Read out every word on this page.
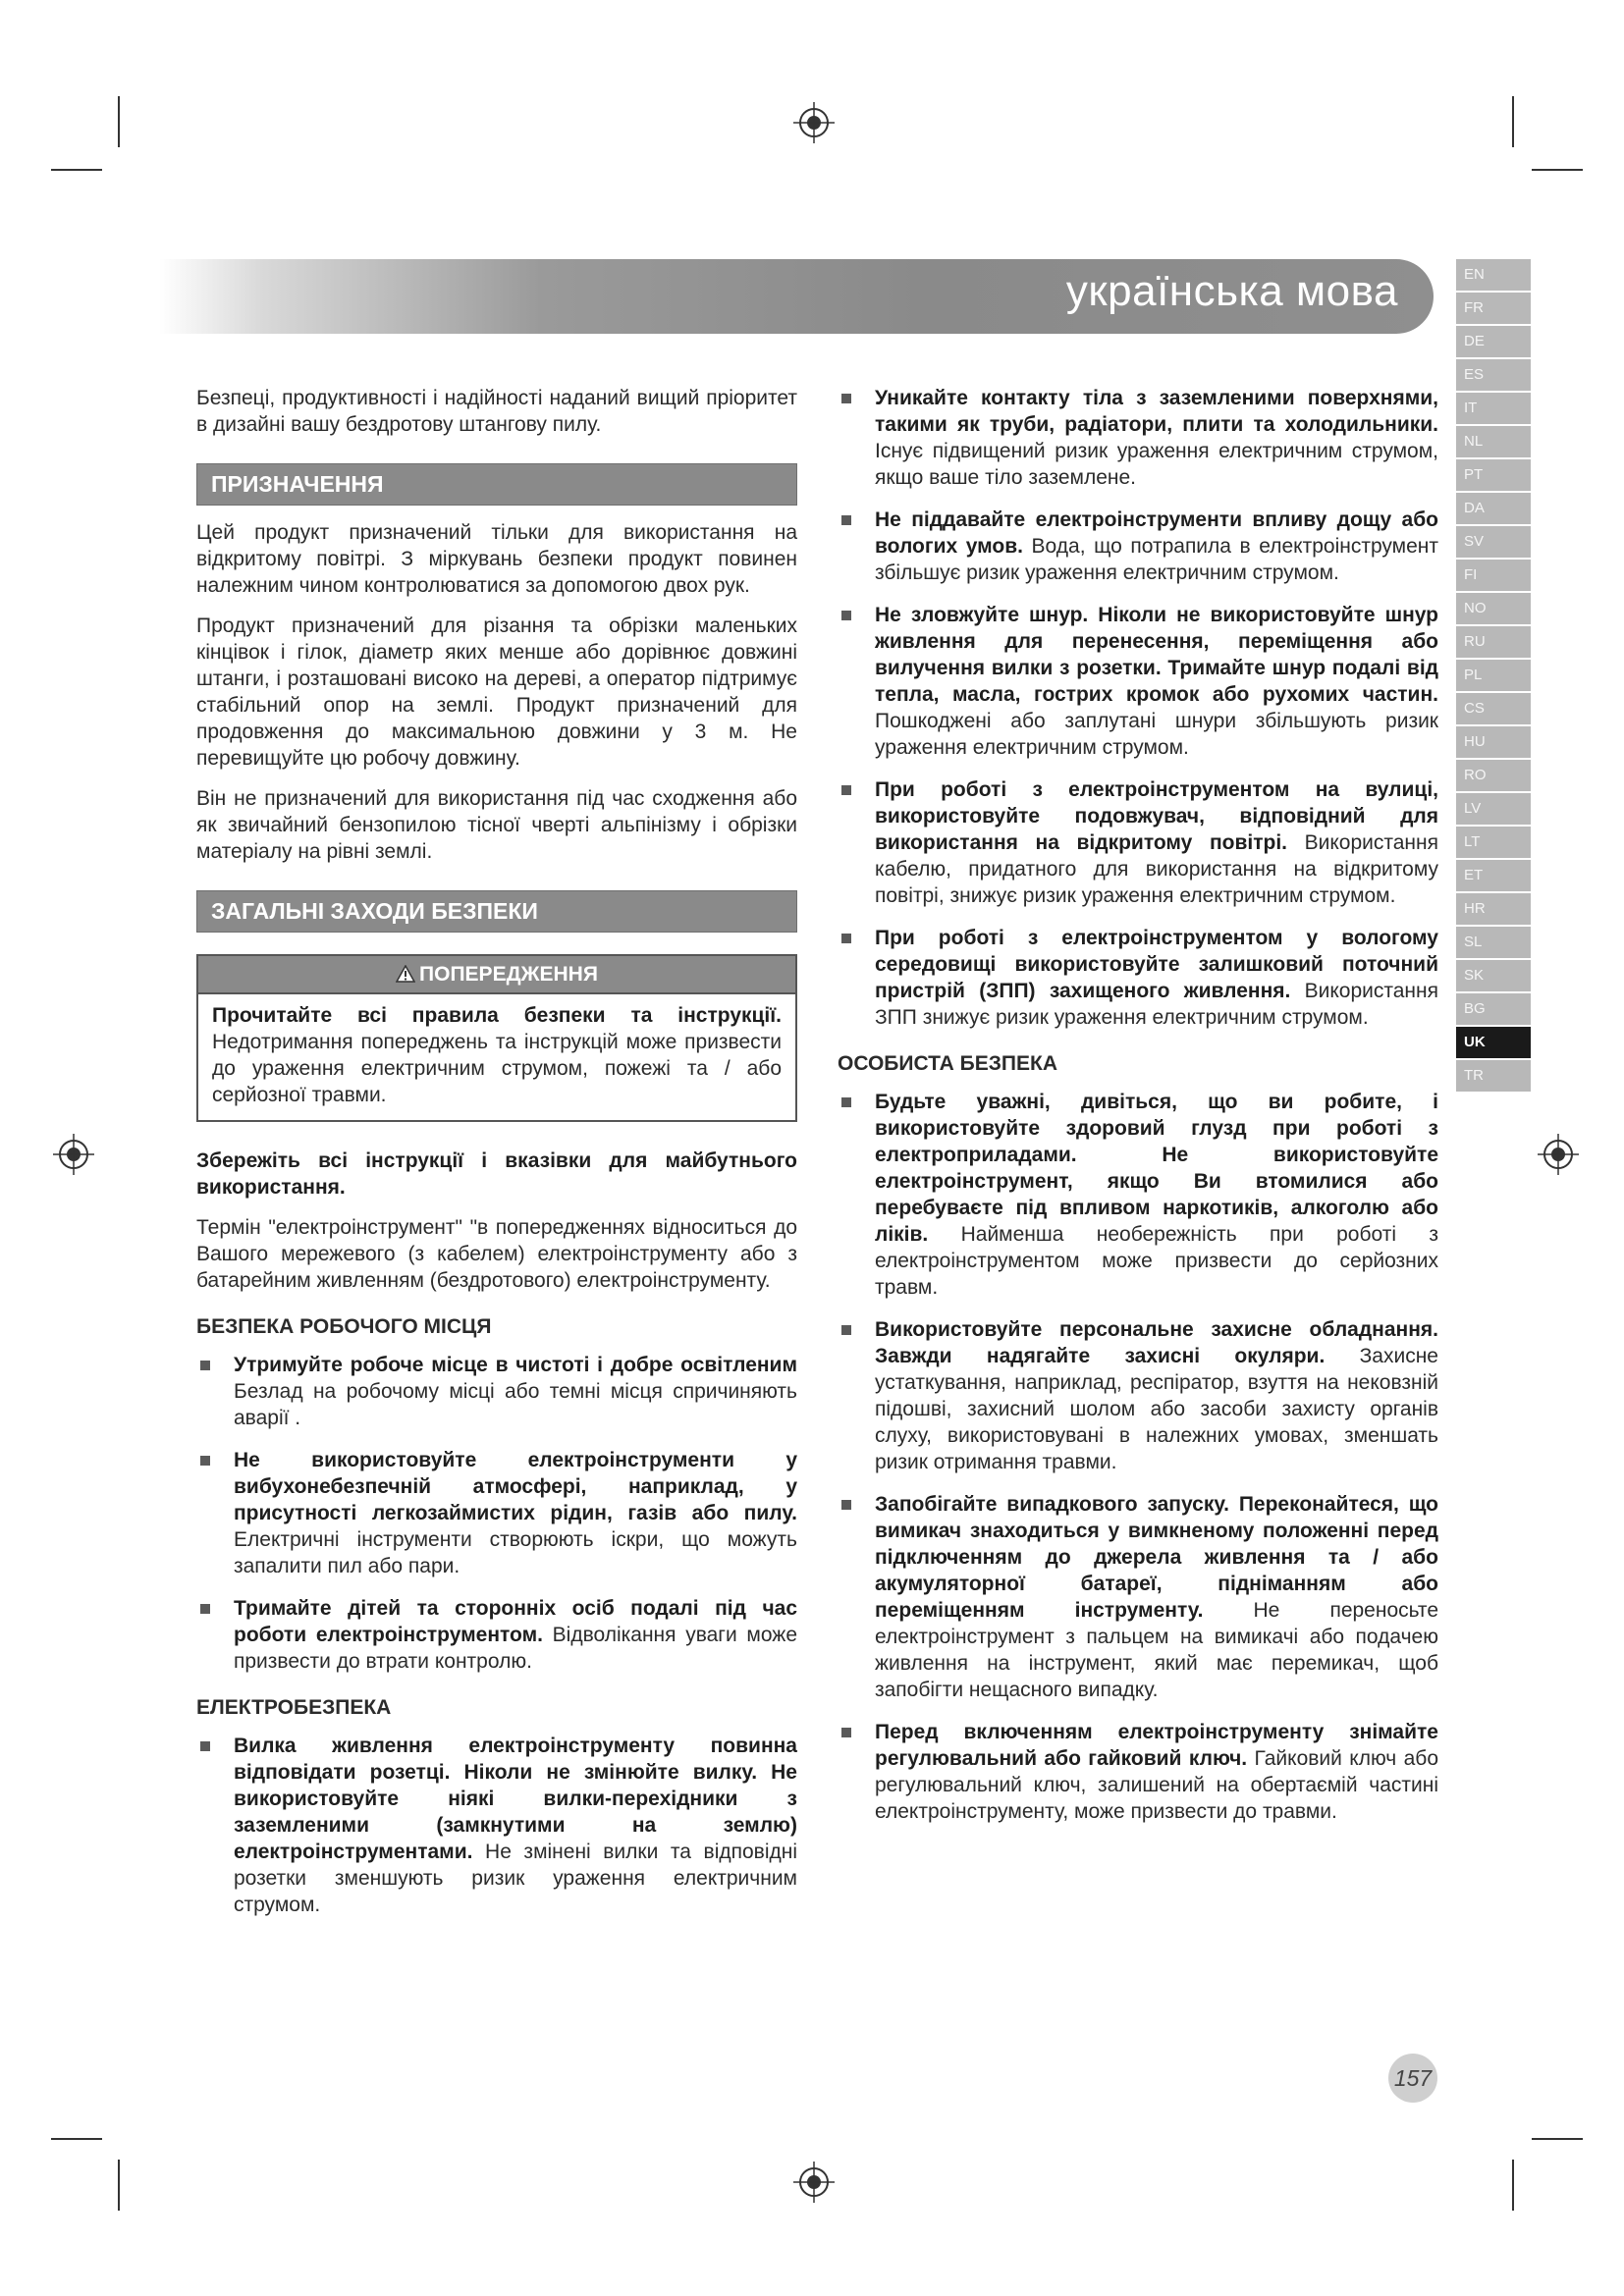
українська мова	EN
FR
DE
ES
IT
NL
PT
DA
SV
FI
NO
RU
PL
CS
HU
RO
LV
LT
ET
HR
SL
SK
BG
UK
TR

Безпеці, продуктивності і надійності наданий вищий пріоритет в дизайні вашу бездротову штангову пилу.

ПРИЗНАЧЕННЯ

Цей продукт призначений тільки для використання на відкритому повітрі. З міркувань безпеки продукт повинен належним чином контролюватися за допомогою двох рук.

Продукт призначений для різання та обрізки маленьких кінцівок і гілок, діаметр яких менше або дорівнює довжині штанги, і розташовані високо на дереві, а оператор підтримує стабільний опор на землі. Продукт призначений для продовження до максимальною довжини у 3 м. Не перевищуйте цю робочу довжину.

Він не призначений для використання під час сходження або як звичайний бензопилою тісної чверті альпінізму і обрізки матеріалу на рівні землі.

ЗАГАЛЬНІ ЗАХОДИ БЕЗПЕКИ
ПОПЕРЕДЖЕННЯ
Прочитайте всі правила безпеки та інструкції. Недотримання попереджень та інструкцій може призвести до ураження електричним струмом, пожежі та / або серйозної травми.

Збережіть всі інструкції і вказівки для майбутнього використання.

Термін "електроінструмент" "в попередженнях відноситься до Вашого мережевого (з кабелем) електроінструменту або з батарейним живленням (бездротового) електроінструменту.

БЕЗПЕКА РОБОЧОГО МІСЦЯ
Утримуйте робоче місце в чистоті і добре освітленим Безлад на робочому місці або темні місця спричиняють аварії .
Не використовуйте електроінструменти у вибухонебезпечній атмосфері, наприклад, у присутності легкозаймистих рідин, газів або пилу. Електричні інструменти створюють іскри, що можуть запалити пил або пари.
Тримайте дітей та сторонніх осіб подалі під час роботи електроінструментом. Відволікання уваги може призвести до втрати контролю.
ЕЛЕКТРОБЕЗПЕКА
Вилка живлення електроінструменту повинна відповідати розетці. Ніколи не змінюйте вилку. Не використовуйте ніякі вилки-перехідники з заземленими (замкнутими на землю) електроінструментами. Не змінені вилки та відповідні розетки зменшують ризик ураження електричним струмом.
Уникайте контакту тіла з заземленими поверхнями, такими як труби, радіатори, плити та холодильники. Існує підвищений ризик ураження електричним струмом, якщо ваше тіло заземлене.
Не піддавайте електроінструменти впливу дощу або вологих умов. Вода, що потрапила в електроінструмент збільшує ризик ураження електричним струмом.
Не зловжуйте шнур. Ніколи не використовуйте шнур живлення для перенесення, переміщення або вилучення вилки з розетки. Тримайте шнур подалі від тепла, масла, гострих кромок або рухомих частин. Пошкоджені або заплутані шнури збільшують ризик ураження електричним струмом.
При роботі з електроінструментом на вулиці, використовуйте подовжувач, відповідний для використання на відкритому повітрі. Використання кабелю, придатного для використання на відкритому повітрі, знижує ризик ураження електричним струмом.
При роботі з електроінструментом у вологому середовищі використовуйте залишковий поточний пристрій (ЗПП) захищеного живлення. Використання ЗПП знижує ризик ураження електричним струмом.
ОСОБИСТА БЕЗПЕКА
Будьте уважні, дивіться, що ви робите, і використовуйте здоровий глузд при роботі з електроприладами. Не використовуйте електроінструмент, якщо Ви втомилися або перебуваєте під впливом наркотиків, алкоголю або ліків. Найменша необережність при роботі з електроінструментом може призвести до серйозних травм.
Використовуйте персональне захисне обладнання. Завжди надягайте захисні окуляри. Захисне устаткування, наприклад, респіратор, взуття на нековзній підошві, захисний шолом або засоби захисту органів слуху, використовувані в належних умовах, зменшать ризик отримання травми.
Запобігайте випадкового запуску. Переконайтеся, що вимикач знаходиться у вимкненому положенні перед підключенням до джерела живлення та / або акумуляторної батареї, підніманням або переміщенням інструменту. Не переносьте електроінструмент з пальцем на вимикачі або подачею живлення на інструмент, який має перемикач, щоб запобігти нещасного випадку.
Перед включенням електроінструменту знімайте регулювальний або гайковий ключ. Гайковий ключ або регулювальний ключ, залишений на обертаємій частині електроінструменту, може призвести до травми.
157
